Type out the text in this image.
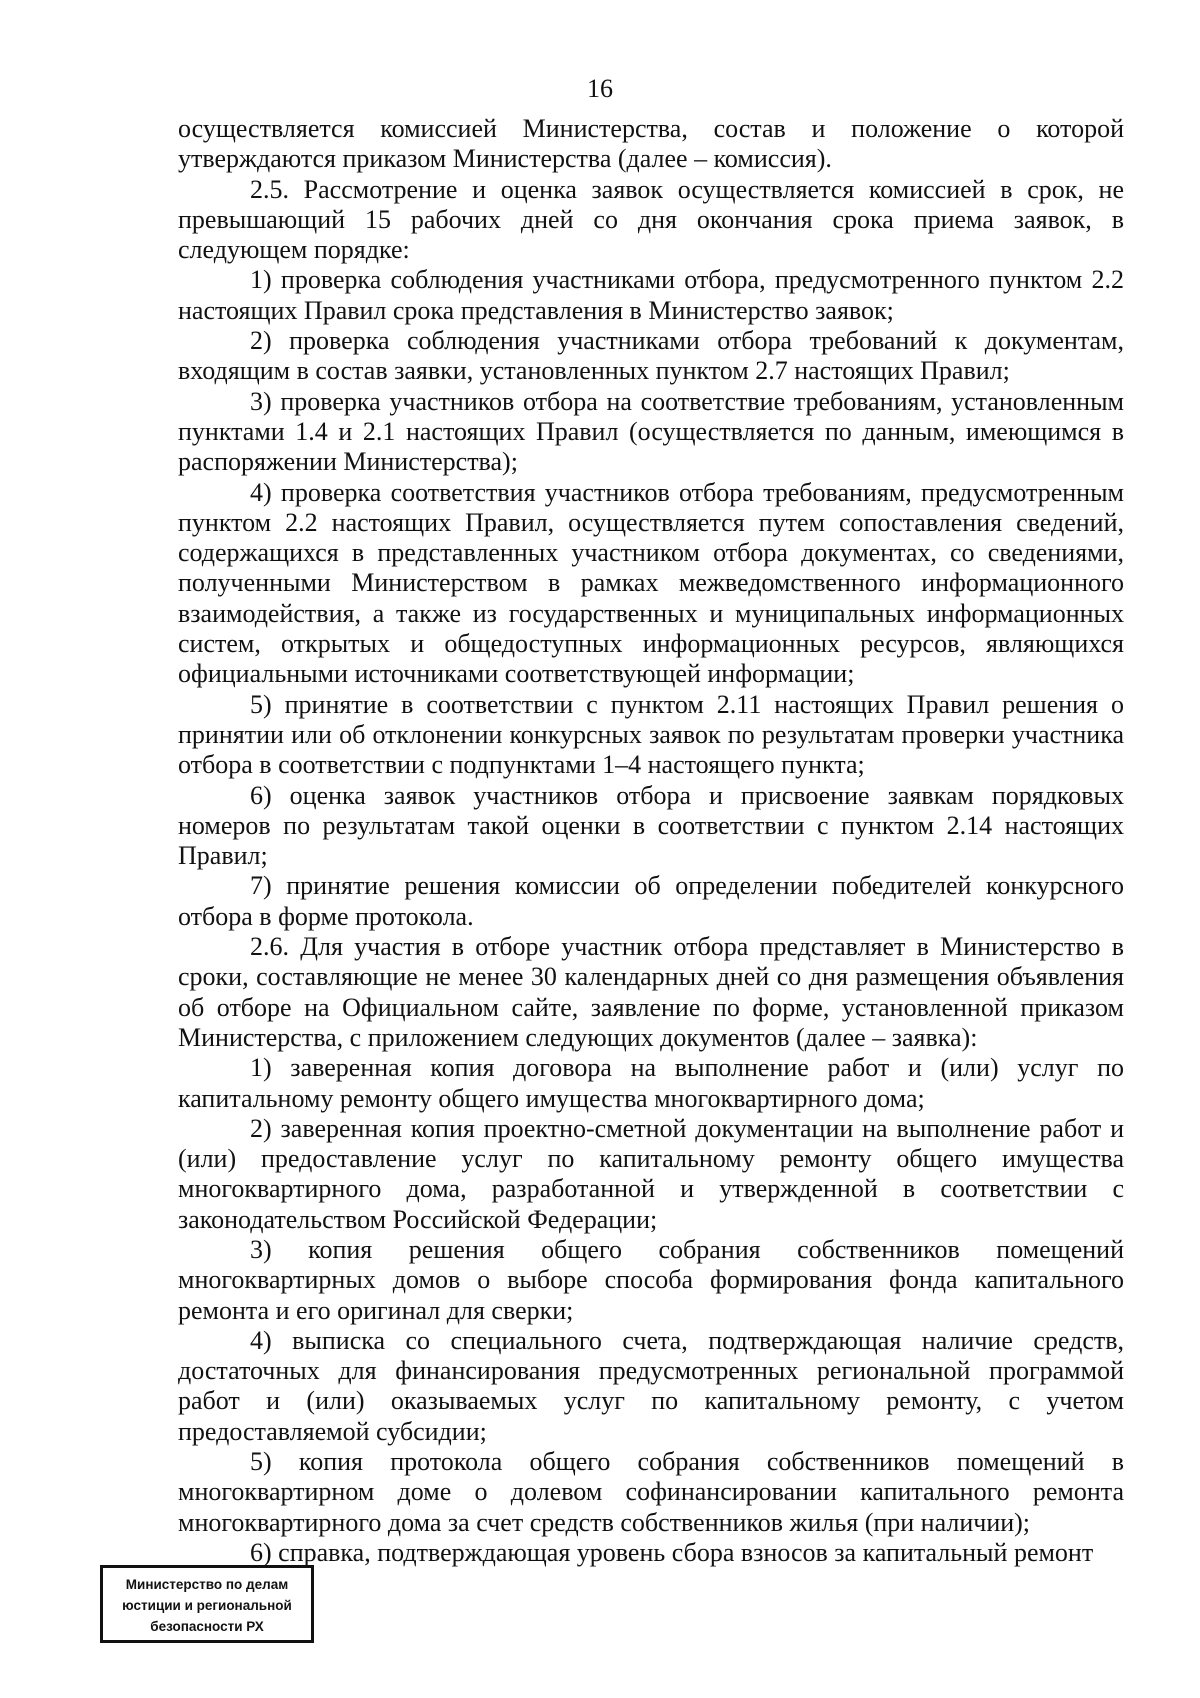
16

осуществляется комиссией Министерства, состав и положение о которой утверждаются приказом Министерства (далее – комиссия).

2.5. Рассмотрение и оценка заявок осуществляется комиссией в срок, не превышающий 15 рабочих дней со дня окончания срока приема заявок, в следующем порядке:

1) проверка соблюдения участниками отбора, предусмотренного пунктом 2.2 настоящих Правил срока представления в Министерство заявок;

2) проверка соблюдения участниками отбора требований к документам, входящим в состав заявки, установленных пунктом 2.7 настоящих Правил;

3) проверка участников отбора на соответствие требованиям, установленным пунктами 1.4 и 2.1 настоящих Правил (осуществляется по данным, имеющимся в распоряжении Министерства);

4) проверка соответствия участников отбора требованиям, предусмотренным пунктом 2.2 настоящих Правил, осуществляется путем сопоставления сведений, содержащихся в представленных участником отбора документах, со сведениями, полученными Министерством в рамках межведомственного информационного взаимодействия, а также из государственных и муниципальных информационных систем, открытых и общедоступных информационных ресурсов, являющихся официальными источниками соответствующей информации;

5) принятие в соответствии с пунктом 2.11 настоящих Правил решения о принятии или об отклонении конкурсных заявок по результатам проверки участника отбора в соответствии с подпунктами 1–4 настоящего пункта;

6) оценка заявок участников отбора и присвоение заявкам порядковых номеров по результатам такой оценки в соответствии с пунктом 2.14 настоящих Правил;

7) принятие решения комиссии об определении победителей конкурсного отбора в форме протокола.

2.6. Для участия в отборе участник отбора представляет в Министерство в сроки, составляющие не менее 30 календарных дней со дня размещения объявления об отборе на Официальном сайте, заявление по форме, установленной приказом Министерства, с приложением следующих документов (далее – заявка):

1) заверенная копия договора на выполнение работ и (или) услуг по капитальному ремонту общего имущества многоквартирного дома;

2) заверенная копия проектно-сметной документации на выполнение работ и (или) предоставление услуг по капитальному ремонту общего имущества многоквартирного дома, разработанной и утвержденной в соответствии с законодательством Российской Федерации;

3) копия решения общего собрания собственников помещений многоквартирных домов о выборе способа формирования фонда капитального ремонта и его оригинал для сверки;

4) выписка со специального счета, подтверждающая наличие средств, достаточных для финансирования предусмотренных региональной программой работ и (или) оказываемых услуг по капитальному ремонту, с учетом предоставляемой субсидии;

5) копия протокола общего собрания собственников помещений в многоквартирном доме о долевом софинансировании капитального ремонта многоквартирного дома за счет средств собственников жилья (при наличии);

6) справка, подтверждающая уровень сбора взносов за капитальный ремонт

Министерство по делам
юстиции и региональной
безопасности РХ
